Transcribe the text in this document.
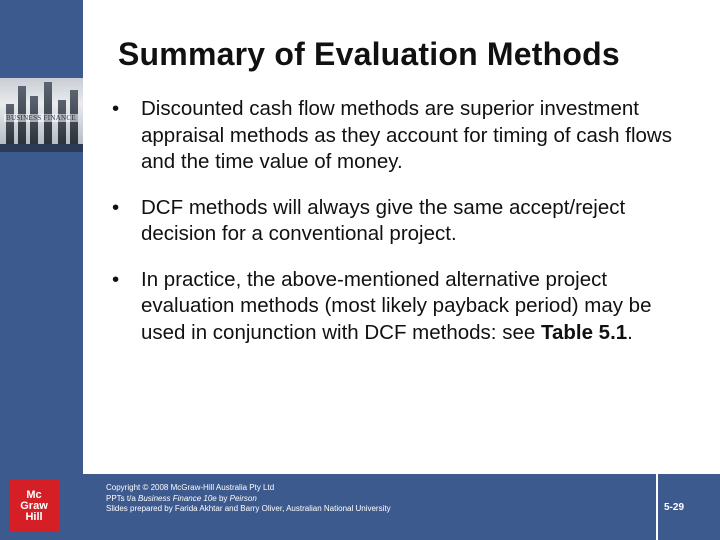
BUSINESS FINANCE
Mc
Graw
Hill
Summary of Evaluation Methods
•	Discounted cash flow methods are superior investment appraisal methods as they account for timing of cash flows and the time value of money.
•	DCF methods will always give the same accept/reject decision for a conventional project.
•	In practice, the above-mentioned alternative project evaluation methods (most likely payback period) may be used in conjunction with DCF methods: see Table 5.1.
Copyright © 2008 McGraw-Hill Australia Pty Ltd
PPTs t/a Business Finance 10e by Peirson
Slides prepared by Farida Akhtar and Barry Oliver, Australian National University	5-29
